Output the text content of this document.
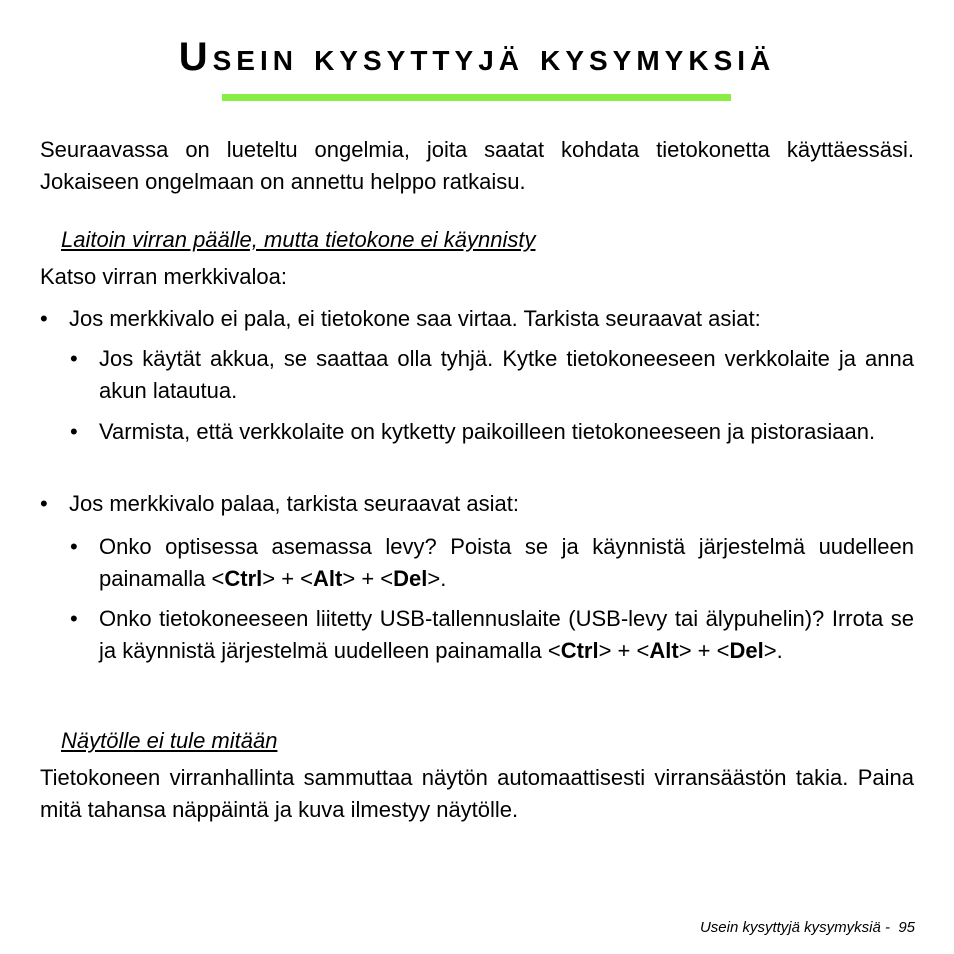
Usein kysyttyjä kysymyksiä

Seuraavassa on lueteltu ongelmia, joita saatat kohdata tietokonetta käyttäessäsi. Jokaiseen ongelmaan on annettu helppo ratkaisu.

Laitoin virran päälle, mutta tietokone ei käynnisty

Katso virran merkkivaloa:

• Jos merkkivalo ei pala, ei tietokone saa virtaa. Tarkista seuraavat asiat:
• Jos käytät akkua, se saattaa olla tyhjä. Kytke tietokoneeseen verkkolaite ja anna akun latautua.
• Varmista, että verkkolaite on kytketty paikoilleen tietokoneeseen ja pistorasiaan.
• Jos merkkivalo palaa, tarkista seuraavat asiat:
• Onko optisessa asemassa levy? Poista se ja käynnistä järjestelmä uudelleen painamalla <Ctrl> + <Alt> + <Del>.
• Onko tietokoneeseen liitetty USB-tallennuslaite (USB-levy tai älypuhelin)? Irrota se ja käynnistä järjestelmä uudelleen painamalla <Ctrl> + <Alt> + <Del>.
Näytölle ei tule mitään

Tietokoneen virranhallinta sammuttaa näytön automaattisesti virransäästön takia. Paina mitä tahansa näppäintä ja kuva ilmestyy näytölle.

Usein kysyttyjä kysymyksiä - 95
